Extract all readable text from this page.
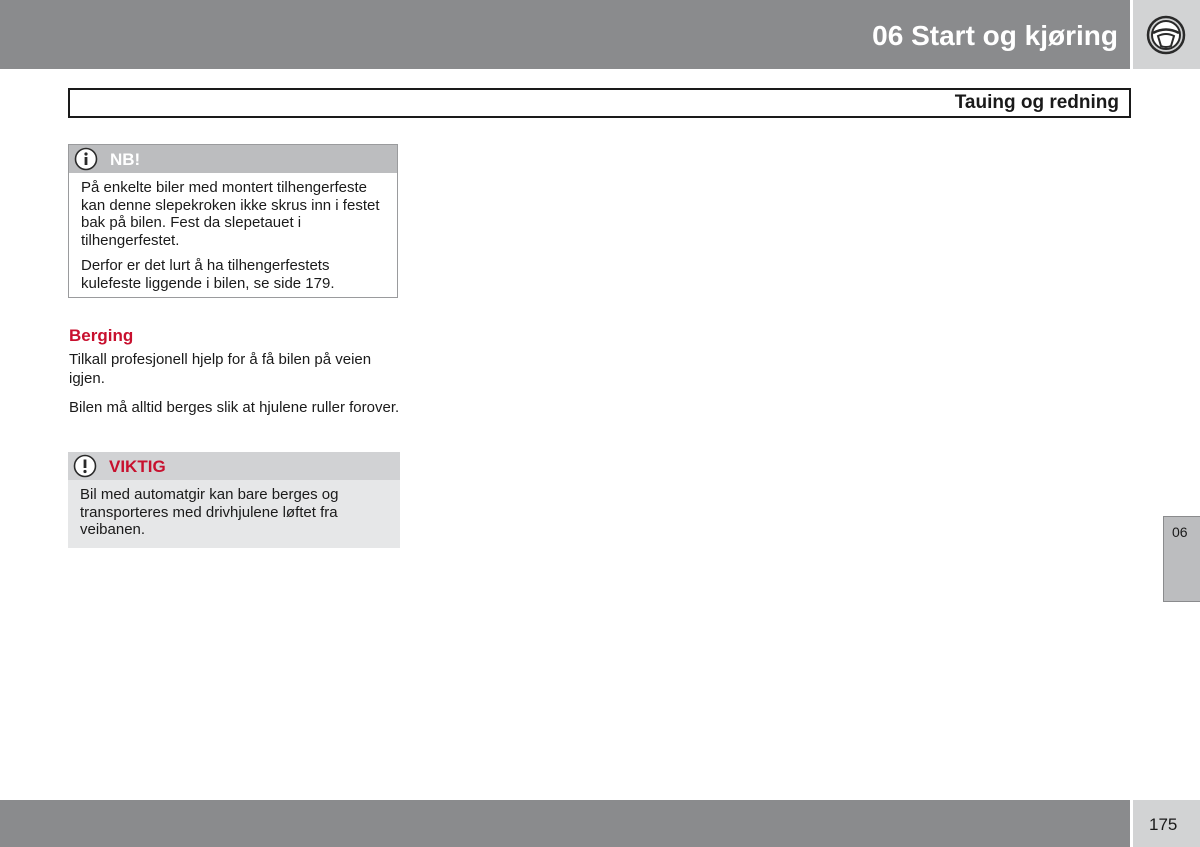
06 Start og kjøring
Tauing og redning
NB!

På enkelte biler med montert tilhengerfeste kan denne slepekroken ikke skrus inn i festet bak på bilen. Fest da slepetauet i tilhengerfestet.

Derfor er det lurt å ha tilhengerfestets kulefeste liggende i bilen, se side 179.

Berging
Tilkall profesjonell hjelp for å få bilen på veien igjen.
Bilen må alltid berges slik at hjulene ruller forover.
VIKTIG

Bil med automatgir kan bare berges og transporteres med drivhjulene løftet fra veibanen.	06
175
